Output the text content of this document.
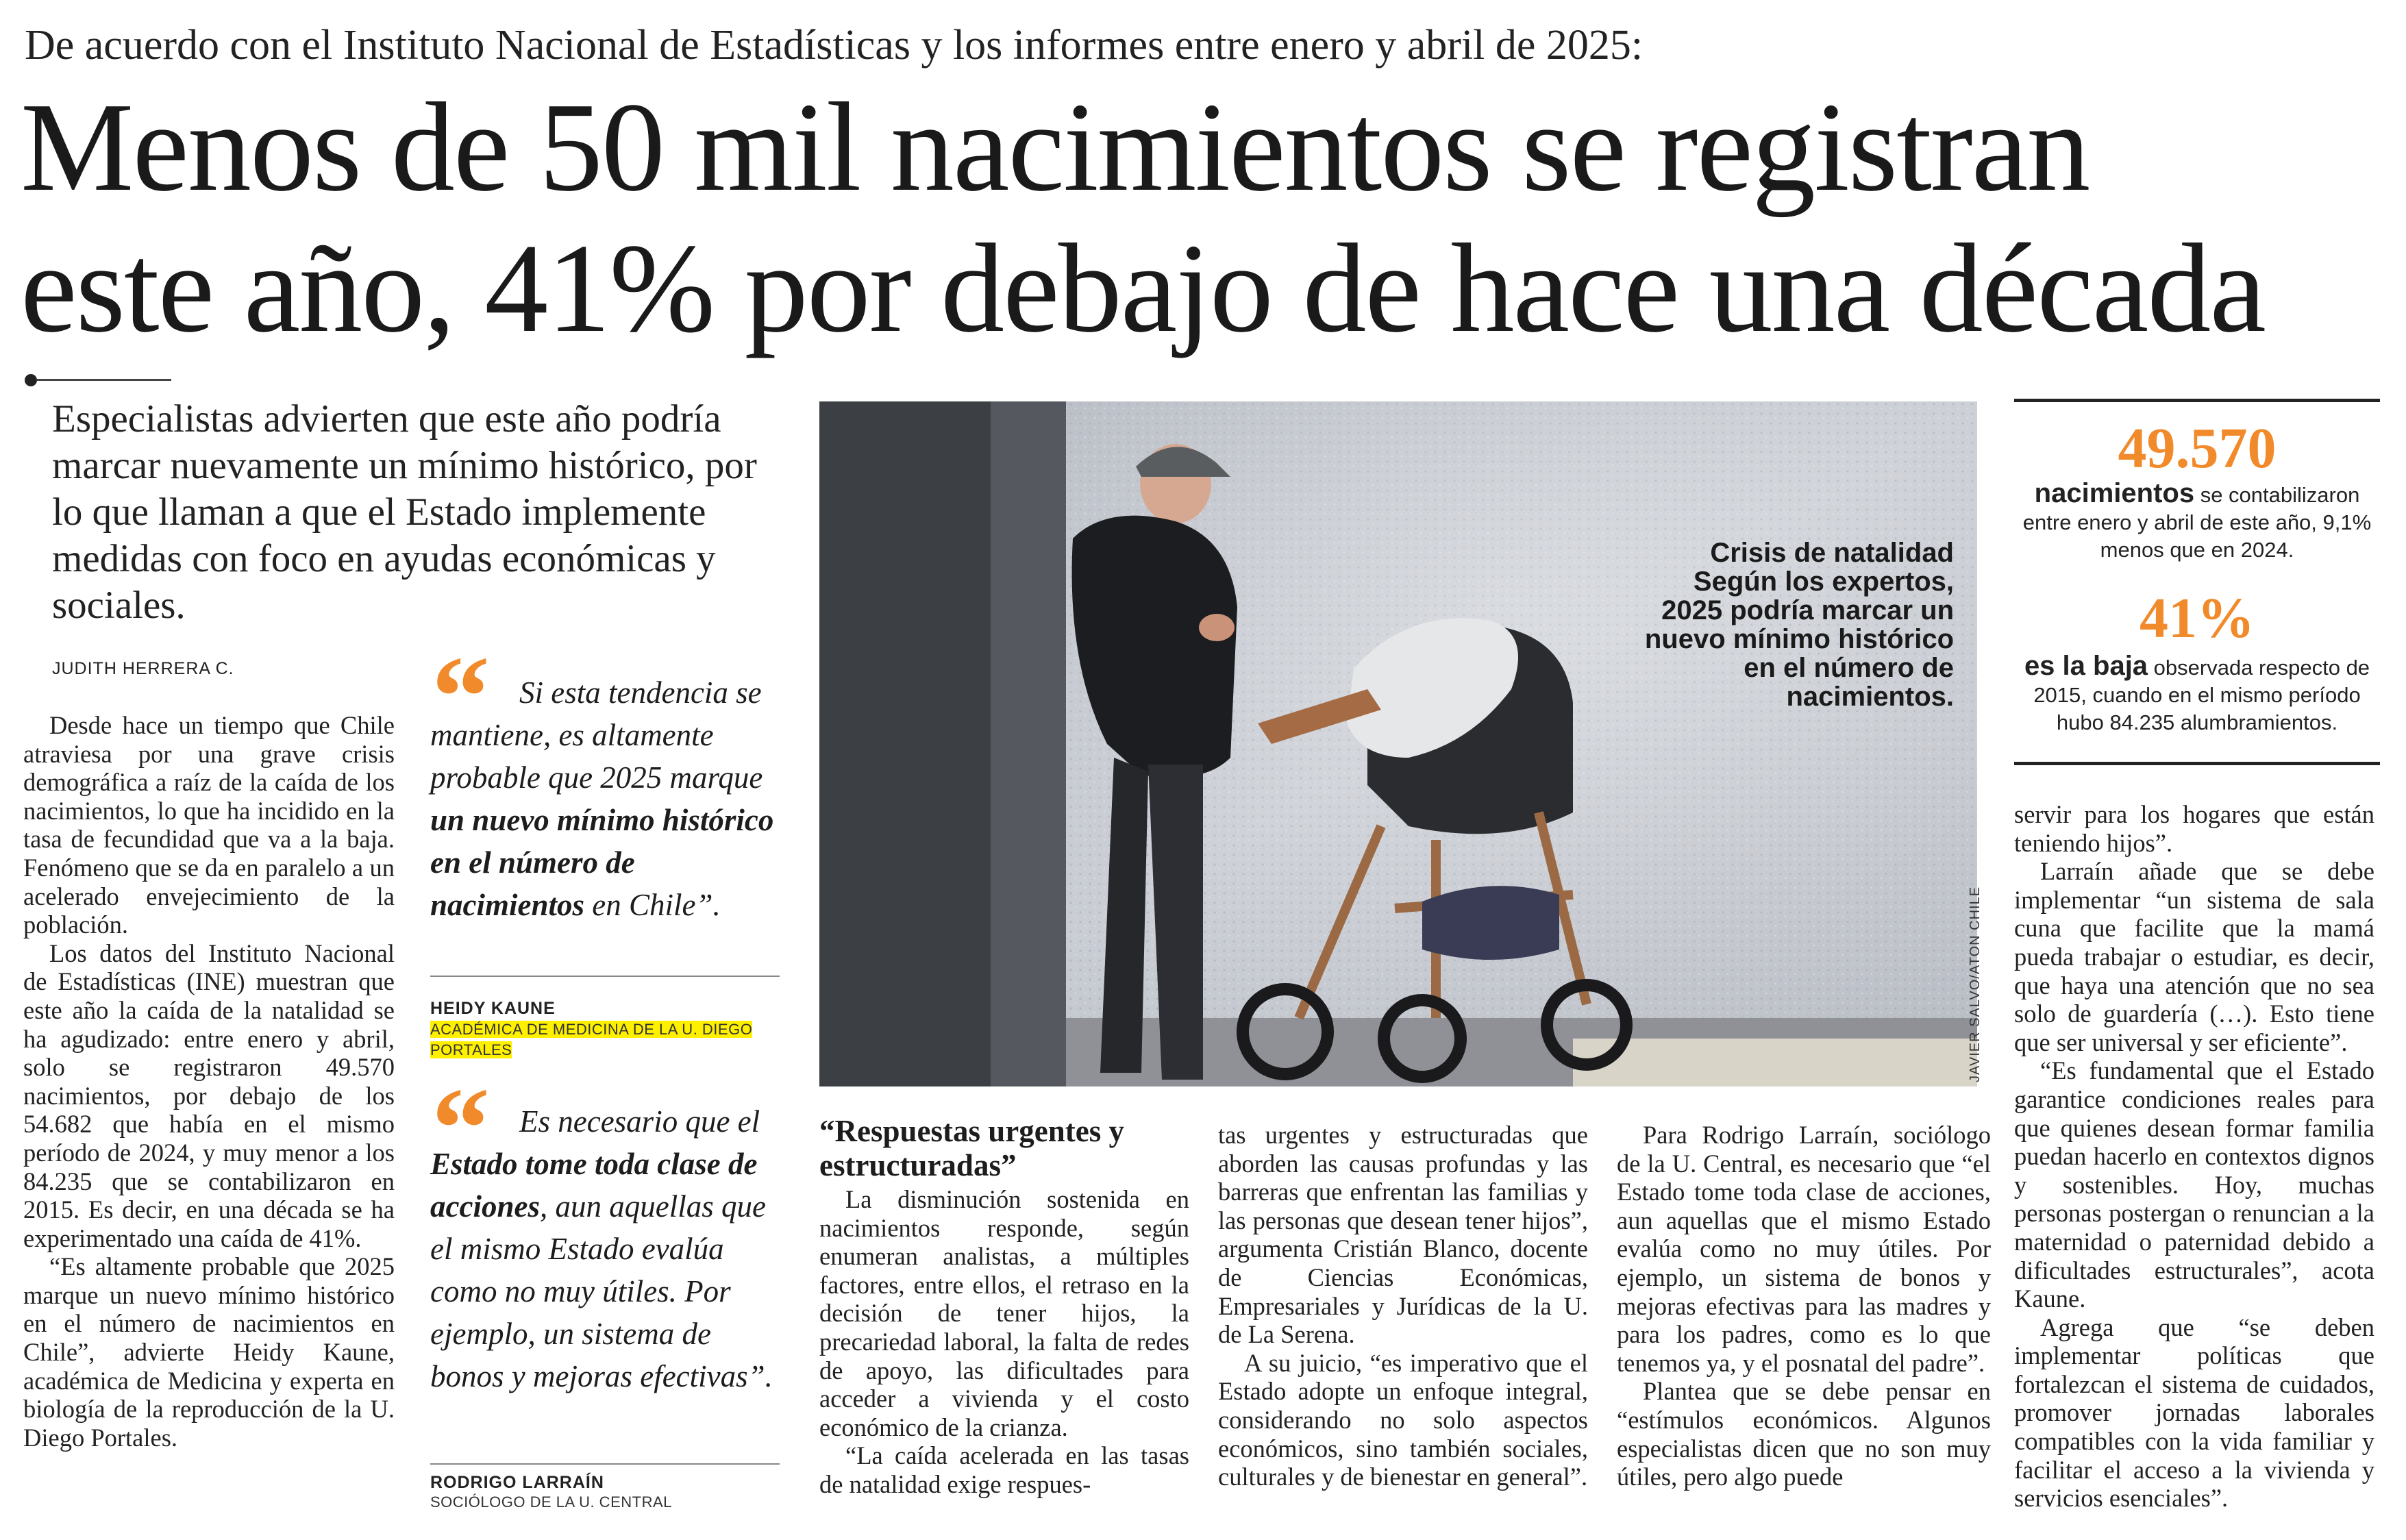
De acuerdo con el Instituto Nacional de Estadísticas y los informes entre enero y abril de 2025:
Menos de 50 mil nacimientos se registran
este año, 41% por debajo de hace una década
Especialistas advierten que este año podría marcar nuevamente un mínimo histórico, por lo que llaman a que el Estado implemente medidas con foco en ayudas económicas y sociales.
JUDITH HERRERA C.

Desde hace un tiempo que Chile atraviesa por una grave crisis demográfica a raíz de la caída de los nacimientos, lo que ha incidido en la tasa de fecundidad que va a la baja. Fenómeno que se da en paralelo a un acelerado envejecimiento de la población.

Los datos del Instituto Nacional de Estadísticas (INE) muestran que este año la caída de la natalidad se ha agudizado: entre enero y abril, solo se registraron 49.570 nacimientos, por debajo de los 54.682 que había en el mismo período de 2024, y muy menor a los 84.235 que se contabilizaron en 2015. Es decir, en una década se ha experimentado una caída de 41%.

“Es altamente probable que 2025 marque un nuevo mínimo histórico en el número de nacimientos en Chile”, advierte Heidy Kaune, académica de Medicina y experta en biología de la reproducción de la U. Diego Portales.

“ Si esta tendencia se mantiene, es altamente probable que 2025 marque un nuevo mínimo histórico en el número de nacimientos en Chile”.
HEIDY KAUNE
ACADÉMICA DE MEDICINA DE LA U. DIEGO PORTALES
“ Es necesario que el Estado tome toda clase de acciones, aun aquellas que el mismo Estado evalúa como no muy útiles. Por ejemplo, un sistema de bonos y mejoras efectivas”.
RODRIGO LARRAÍN
SOCIÓLOGO DE LA U. CENTRAL
Crisis de natalidad
Según los expertos, 2025 podría marcar un nuevo mínimo histórico en el número de nacimientos.
JAVIER SALVO/ATON CHILE
“Respuestas urgentes y estructuradas”

La disminución sostenida en nacimientos responde, según enumeran analistas, a múltiples factores, entre ellos, el retraso en la decisión de tener hijos, la precariedad laboral, la falta de redes de apoyo, las dificultades para acceder a vivienda y el costo económico de la crianza.

“La caída acelerada en las tasas de natalidad exige respues-

tas urgentes y estructuradas que aborden las causas profundas y las barreras que enfrentan las familias y las personas que desean tener hijos”, argumenta Cristián Blanco, docente de Ciencias Económicas, Empresariales y Jurídicas de la U. de La Serena.

A su juicio, “es imperativo que el Estado adopte un enfoque integral, considerando no solo aspectos económicos, sino también sociales, culturales y de bienestar en general”.

Para Rodrigo Larraín, sociólogo de la U. Central, es necesario que “el Estado tome toda clase de acciones, aun aquellas que el mismo Estado evalúa como no muy útiles. Por ejemplo, un sistema de bonos y mejoras efectivas para las madres y para los padres, como es lo que tenemos ya, y el posnatal del padre”.

Plantea que se debe pensar en “estímulos económicos. Algunos especialistas dicen que no son muy útiles, pero algo puede

49.570
nacimientos se contabilizaron entre enero y abril de este año, 9,1% menos que en 2024.
41%
es la baja observada respecto de 2015, cuando en el mismo período hubo 84.235 alumbramientos.

servir para los hogares que están teniendo hijos”.

Larraín añade que se debe implementar “un sistema de sala cuna que facilite que la mamá pueda trabajar o estudiar, es decir, que haya una atención que no sea solo de guardería (…). Esto tiene que ser universal y ser eficiente”.

“Es fundamental que el Estado garantice condiciones reales para que quienes desean formar familia puedan hacerlo en contextos dignos y sostenibles. Hoy, muchas personas postergan o renuncian a la maternidad o paternidad debido a dificultades estructurales”, acota Kaune.

Agrega que “se deben implementar políticas que fortalezcan el sistema de cuidados, promover jornadas laborales compatibles con la vida familiar y facilitar el acceso a la vivienda y servicios esenciales”.
